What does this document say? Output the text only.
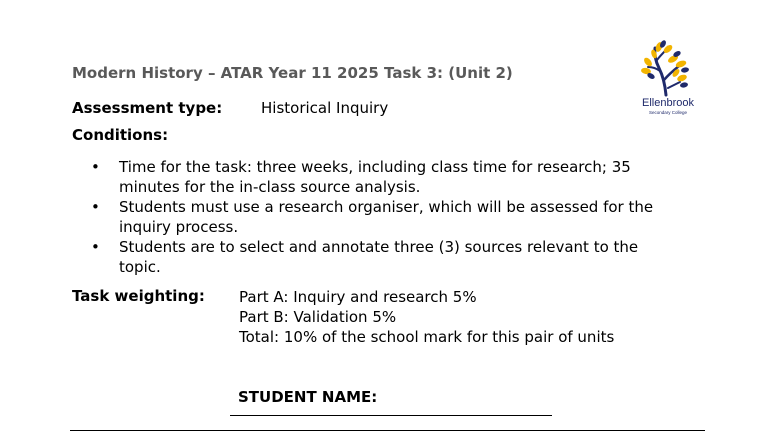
Modern History – ATAR Year 11 2025 Task 3: (Unit 2)
Ellenbrook
Secondary College
Assessment type:	Historical Inquiry
Conditions:
• Time for the task: three weeks, including class time for research; 35
minutes for the in-class source analysis.
• Students must use a research organiser, which will be assessed for the
inquiry process.
• Students are to select and annotate three (3) sources relevant to the
topic.
Task weighting: Part A: Inquiry and research 5%
Part B: Validation 5%
Total: 10% of the school mark for this pair of units
STUDENT NAME:
